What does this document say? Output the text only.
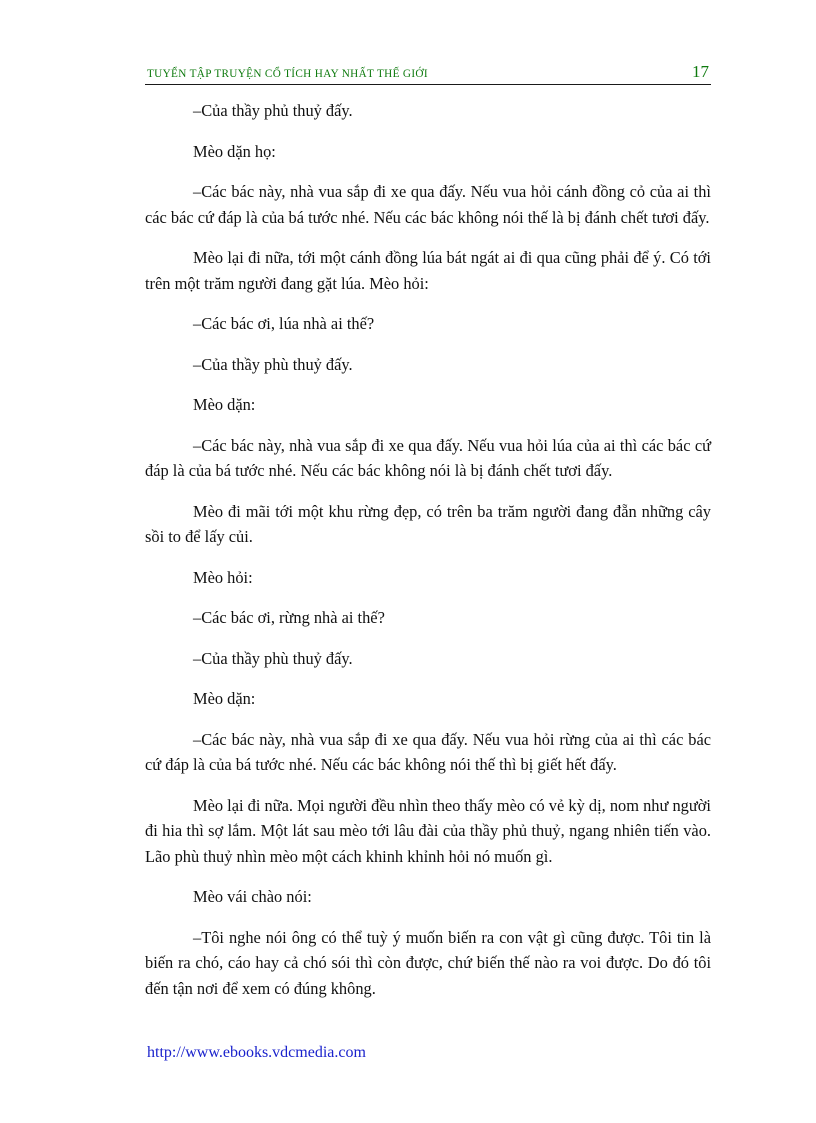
TUYỂN TẬP TRUYỆN CỔ TÍCH HAY NHẤT THẾ GIỚI	17

–Của thầy phủ thuỷ đấy.

Mèo dặn họ:

–Các bác này, nhà vua sắp đi xe qua đấy. Nếu vua hỏi cánh đồng cỏ của ai thì các bác cứ đáp là của bá tước nhé. Nếu các bác không nói thế là bị đánh chết tươi đấy.

Mèo lại đi nữa, tới một cánh đồng lúa bát ngát ai đi qua cũng phải để ý. Có tới trên một trăm người đang gặt lúa. Mèo hỏi:

–Các bác ơi, lúa nhà ai thế?

–Của thầy phù thuỷ đấy.

Mèo dặn:

–Các bác này, nhà vua sắp đi xe qua đấy. Nếu vua hỏi lúa của ai thì các bác cứ đáp là của bá tước nhé. Nếu các bác không nói là bị đánh chết tươi đấy.

Mèo đi mãi tới một khu rừng đẹp, có trên ba trăm người đang đẵn những cây sồi to để lấy củi.

Mèo hỏi:

–Các bác ơi, rừng nhà ai thế?

–Của thầy phù thuỷ đấy.

Mèo dặn:

–Các bác này, nhà vua sắp đi xe qua đấy. Nếu vua hỏi rừng của ai thì các bác cứ đáp là của bá tước nhé. Nếu các bác không nói thế thì bị giết hết đấy.

Mèo lại đi nữa. Mọi người đều nhìn theo thấy mèo có vẻ kỳ dị, nom như người đi hia thì sợ lắm. Một lát sau mèo tới lâu đài của thầy phủ thuỷ, ngang nhiên tiến vào. Lão phù thuỷ nhìn mèo một cách khinh khỉnh hỏi nó muốn gì.

Mèo vái chào nói:

–Tôi nghe nói ông có thể tuỳ ý muốn biến ra con vật gì cũng được. Tôi tin là biến ra chó, cáo hay cả chó sói thì còn được, chứ biến thế nào ra voi được. Do đó tôi đến tận nơi để xem có đúng không.

http://www.ebooks.vdcmedia.com
